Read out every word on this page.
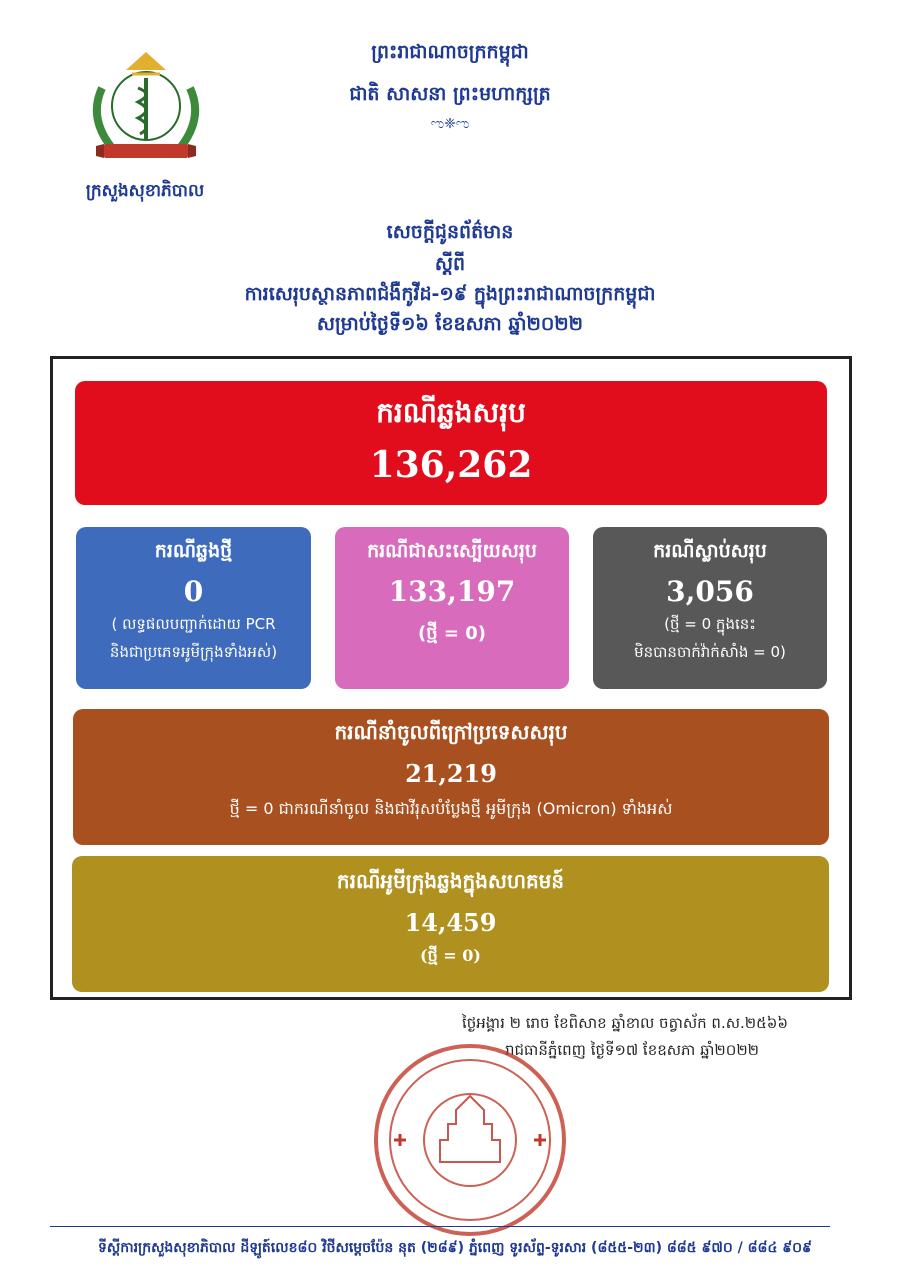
ក្រសួងសុខាភិបាល
ព្រះរាជាណាចក្រកម្ពុជា
ជាតិ សាសនា ព្រះមហាក្សត្រ
ಌ❈ಌ
សេចក្ដីជូនព័ត៌មាន
ស្ដីពី
ការសេរុបស្ថានភាពជំងឺកូវីដ-១៩ ក្នុងព្រះរាជាណាចក្រកម្ពុជា
សម្រាប់ថ្ងៃទី១៦ ខែឧសភា ឆ្នាំ២០២២
ករណីឆ្លងសរុប
136,262
ករណីឆ្លងថ្មី
0
( លទ្ធផលបញ្ជាក់ដោយ PCR
និងជាប្រភេទអូមីក្រុងទាំងអស់)
ករណីជាសះស្បើយសរុប
133,197
(ថ្មី = 0)
ករណីស្លាប់សរុប
3,056
(ថ្មី = 0 ក្នុងនេះ
មិនបានចាក់វ៉ាក់សាំង = 0)
ករណីនាំចូលពីក្រៅប្រទេសសរុប
21,219
ថ្មី = 0 ជាករណីនាំចូល និងជាវីរុសបំប្លែងថ្មី អូមីក្រុង (Omicron) ទាំងអស់
ករណីអូមីក្រុងឆ្លងក្នុងសហគមន៍
14,459
(ថ្មី = 0)
ថ្ងៃអង្គារ ២ រោច ខែពិសាខ ឆ្នាំខាល ចត្វាស័ក ព.ស.២៥៦៦
រាជធានីភ្នំពេញ ថ្ងៃទី១៧ ខែឧសភា ឆ្នាំ២០២២
ទីស្ដីការក្រសួងសុខាភិបាល ដីឡូត៍លេខ៨០ វិថីសម្ដេចប៉ែន នុត (២៨៩) ភ្នំពេញ ទូរស័ព្ទ-ទូរសារ (៨៥៥-២៣) ៨៨៥ ៩៧០ / ៨៨៤ ៩០៩
